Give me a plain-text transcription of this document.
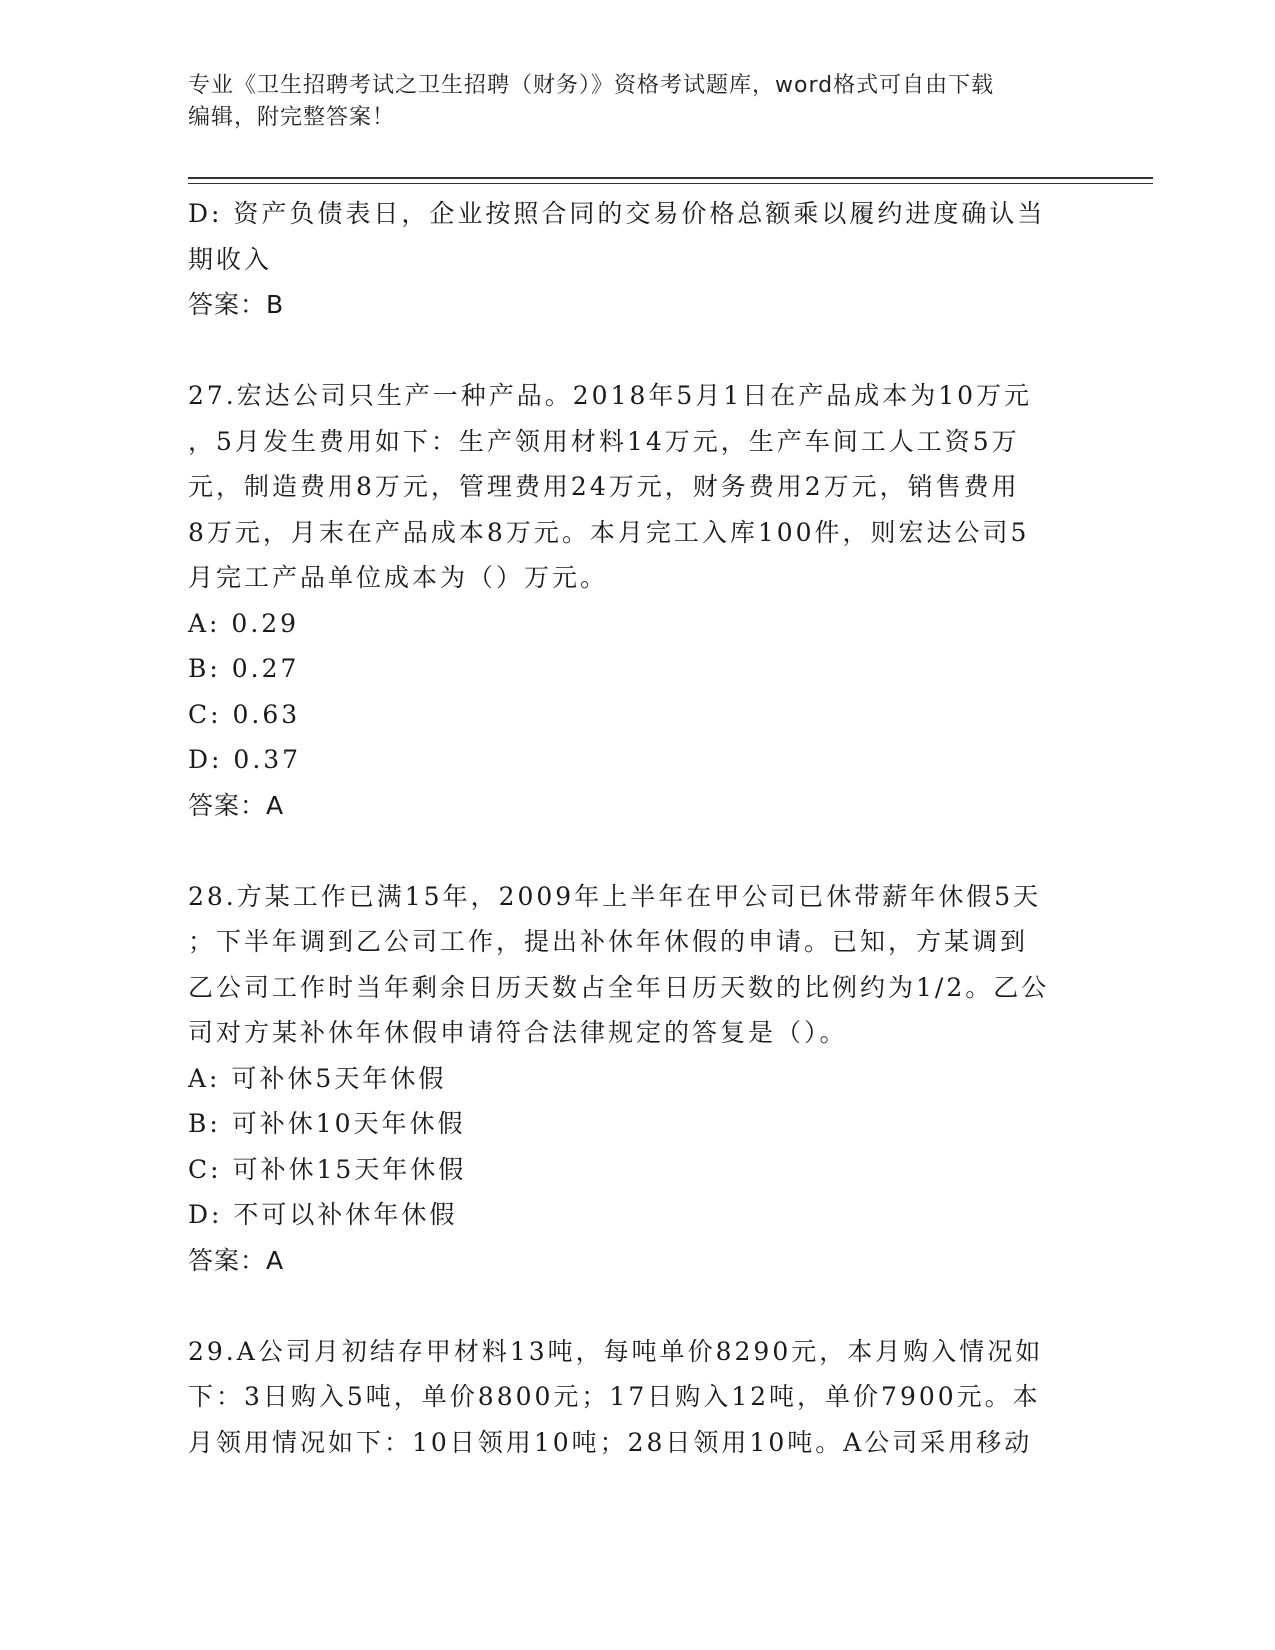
专业《卫生招聘考试之卫生招聘（财务）》资格考试题库，word格式可自由下载
编辑，附完整答案！
D: 资产负债表日，企业按照合同的交易价格总额乘以履约进度确认当
期收入
答案：B
27.宏达公司只生产一种产品。2018年5月1日在产品成本为10万元
，5月发生费用如下：生产领用材料14万元，生产车间工人工资5万
元，制造费用8万元，管理费用24万元，财务费用2万元，销售费用
8万元，月末在产品成本8万元。本月完工入库100件，则宏达公司5
月完工产品单位成本为（）万元。
A: 0.29
B: 0.27
C: 0.63
D: 0.37
答案：A
28.方某工作已满15年，2009年上半年在甲公司已休带薪年休假5天
；下半年调到乙公司工作，提出补休年休假的申请。已知，方某调到
乙公司工作时当年剩余日历天数占全年日历天数的比例约为1/2。乙公
司对方某补休年休假申请符合法律规定的答复是（）。
A: 可补休5天年休假
B: 可补休10天年休假
C: 可补休15天年休假
D: 不可以补休年休假
答案：A
29.A公司月初结存甲材料13吨，每吨单价8290元，本月购入情况如
下：3日购入5吨，单价8800元；17日购入12吨，单价7900元。本
月领用情况如下：10日领用10吨；28日领用10吨。A公司采用移动
